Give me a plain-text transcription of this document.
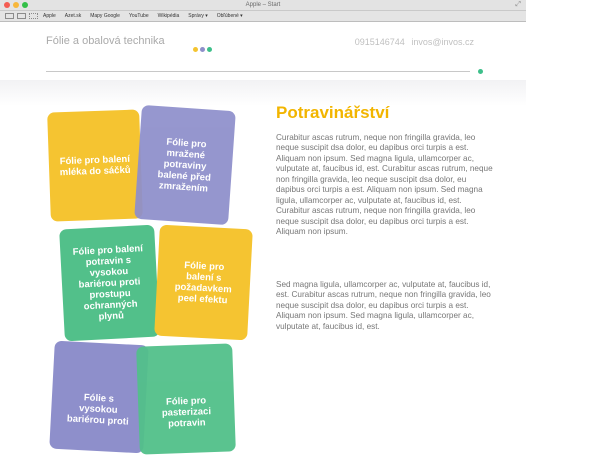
Apple – Start	⤢
Apple Azet.sk Mapy Google YouTube Wikipédia Správy ▾ Obľúbené ▾
Fólie a obalová technika	0915146744 invos@invos.cz
Fólie pro balení mléka do sáčků
Fólie pro mražené potraviny balené před zmražením
Fólie pro balení potravin s vysokou bariérou proti prostupu ochranných plynů
Fólie pro balení s požadavkem peel efektu
Fólie s vysokou bariérou proti
Fólie pro pasterizaci potravin
Potravinářství

Curabitur ascas rutrum, neque non fringilla gravida, leo neque suscipit dsa dolor, eu dapibus orci turpis a est. Aliquam non ipsum. Sed magna ligula, ullamcorper ac, vulputate at, faucibus id, est. Curabitur ascas rutrum, neque non fringilla gravida, leo neque suscipit dsa dolor, eu dapibus orci turpis a est. Aliquam non ipsum. Sed magna ligula, ullamcorper ac, vulputate at, faucibus id, est. Curabitur ascas rutrum, neque non fringilla gravida, leo neque suscipit dsa dolor, eu dapibus orci turpis a est. Aliquam non ipsum.

Sed magna ligula, ullamcorper ac, vulputate at, faucibus id, est. Curabitur ascas rutrum, neque non fringilla gravida, leo neque suscipit dsa dolor, eu dapibus orci turpis a est. Aliquam non ipsum. Sed magna ligula, ullamcorper ac, vulputate at, faucibus id, est.
